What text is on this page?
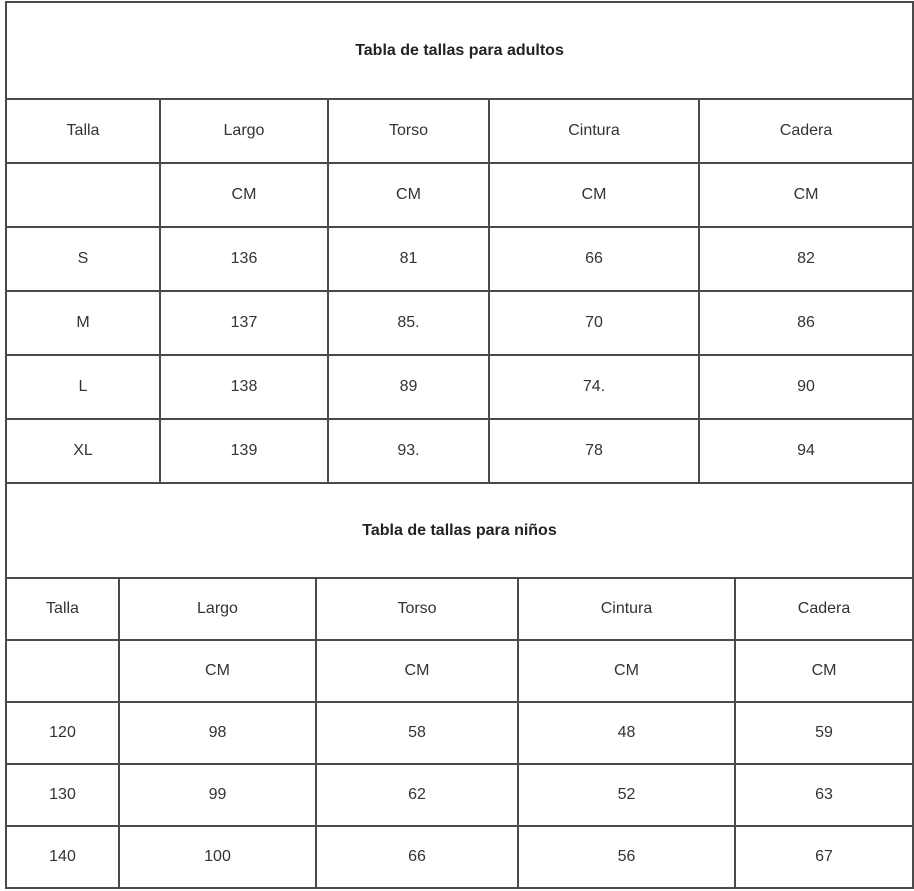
Tabla de tallas para adultos				
Talla	Largo	Torso	Cintura	Cadera
	CM	CM	CM	CM
S	136	81	66	82
M	137	85.	70	86
L	138	89	74.	90
XL	139	93.	78	94
Tabla de tallas para niños				
Talla	Largo	Torso	Cintura	Cadera
	CM	CM	CM	CM
120	98	58	48	59
130	99	62	52	63
140	100	66	56	67
